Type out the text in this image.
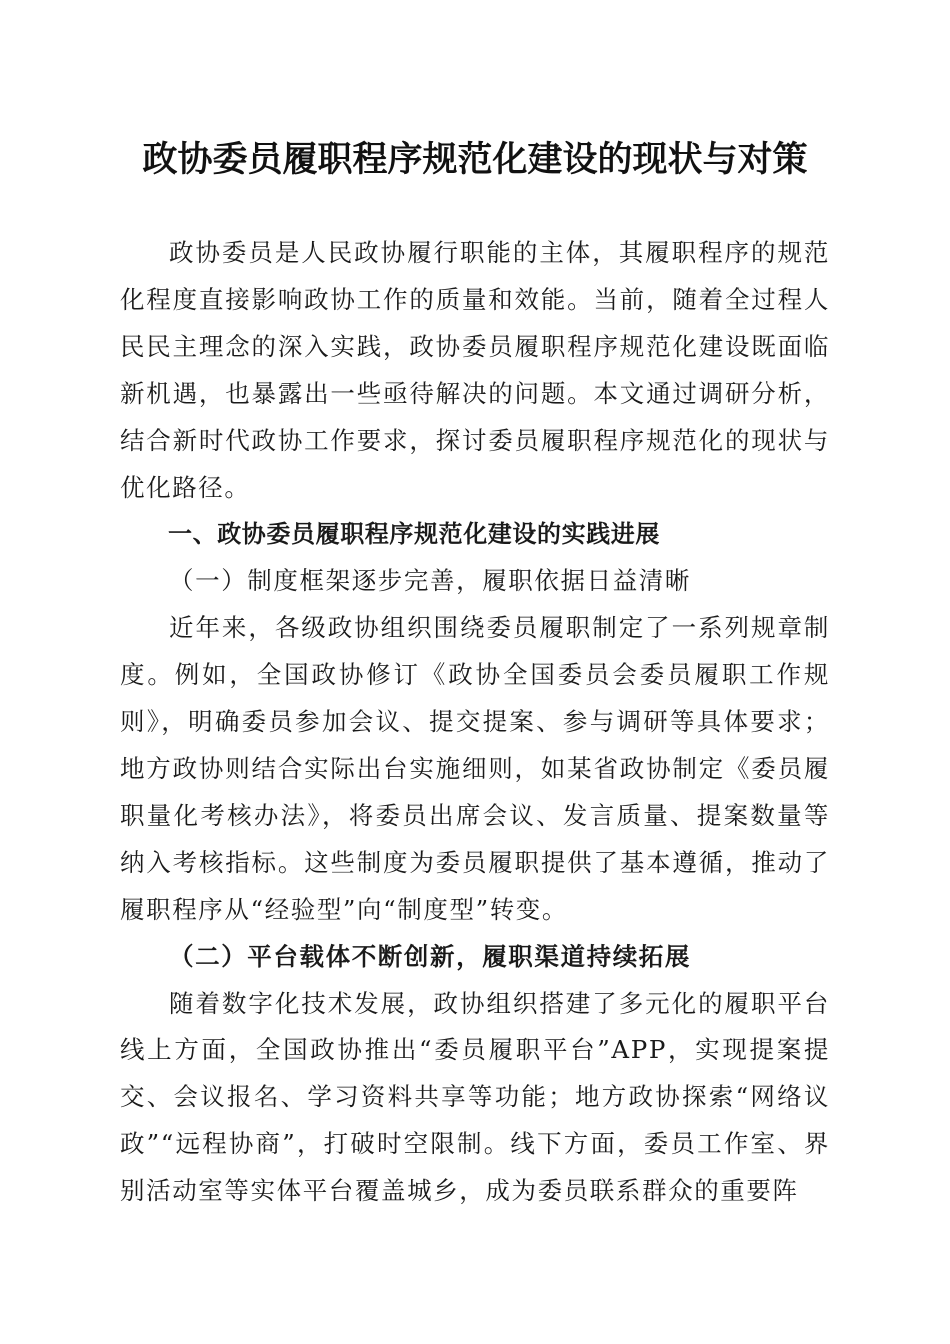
政协委员履职程序规范化建设的现状与对策

政协委员是人民政协履行职能的主体，其履职程序的规范化程度直接影响政协工作的质量和效能。当前，随着全过程人民民主理念的深入实践，政协委员履职程序规范化建设既面临新机遇，也暴露出一些亟待解决的问题。本文通过调研分析，结合新时代政协工作要求，探讨委员履职程序规范化的现状与优化路径。

一、政协委员履职程序规范化建设的实践进展

（一）制度框架逐步完善，履职依据日益清晰

近年来，各级政协组织围绕委员履职制定了一系列规章制度。例如，全国政协修订《政协全国委员会委员履职工作规则》，明确委员参加会议、提交提案、参与调研等具体要求；地方政协则结合实际出台实施细则，如某省政协制定《委员履职量化考核办法》，将委员出席会议、发言质量、提案数量等纳入考核指标。这些制度为委员履职提供了基本遵循，推动了履职程序从“经验型”向“制度型”转变。

（二）平台载体不断创新，履职渠道持续拓展

随着数字化技术发展，政协组织搭建了多元化的履职平台线上方面，全国政协推出“委员履职平台”APP，实现提案提交、会议报名、学习资料共享等功能；地方政协探索“网络议政”“远程协商”，打破时空限制。线下方面，委员工作室、界别活动室等实体平台覆盖城乡，成为委员联系群众的重要阵
